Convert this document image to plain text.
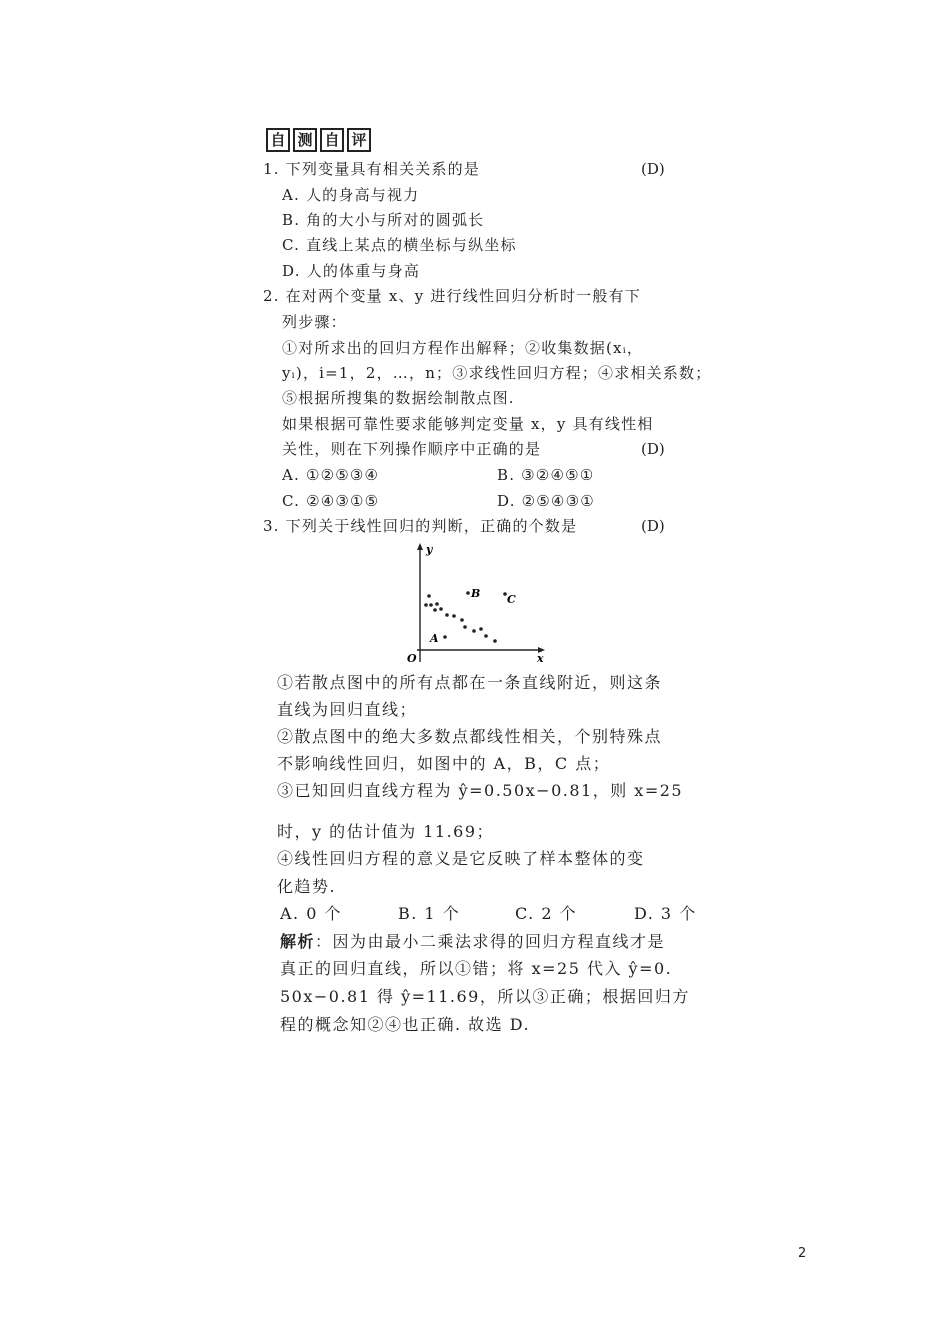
自 测 自 评
1. 下列变量具有相关关系的是	(D)
A. 人的身高与视力
B. 角的大小与所对的圆弧长
C. 直线上某点的横坐标与纵坐标
D. 人的体重与身高
2. 在对两个变量 x、y 进行线性回归分析时一般有下
列步骤：
①对所求出的回归方程作出解释；②收集数据(xᵢ，
yᵢ)，i=1，2，…，n；③求线性回归方程；④求相关系数；
⑤根据所搜集的数据绘制散点图.
如果根据可靠性要求能够判定变量 x，y 具有线性相
关性，则在下列操作顺序中正确的是	(D)
A. ①②⑤③④	B. ③②④⑤①
C. ②④③①⑤	D. ②⑤④③①
3. 下列关于线性回归的判断，正确的个数是	(D)
y
x
O
A
B C
①若散点图中的所有点都在一条直线附近，则这条
直线为回归直线；
②散点图中的绝大多数点都线性相关，个别特殊点
不影响线性回归，如图中的 A，B，C 点；
③已知回归直线方程为 ŷ=0.50x−0.81，则 x=25
时，y 的估计值为 11.69；
④线性回归方程的意义是它反映了样本整体的变
化趋势.
A. 0 个	B. 1 个	C. 2 个	D. 3 个
解析：因为由最小二乘法求得的回归方程直线才是
真正的回归直线，所以①错；将 x=25 代入 ŷ=0.
50x−0.81 得 ŷ=11.69，所以③正确；根据回归方
程的概念知②④也正确. 故选 D.
2
